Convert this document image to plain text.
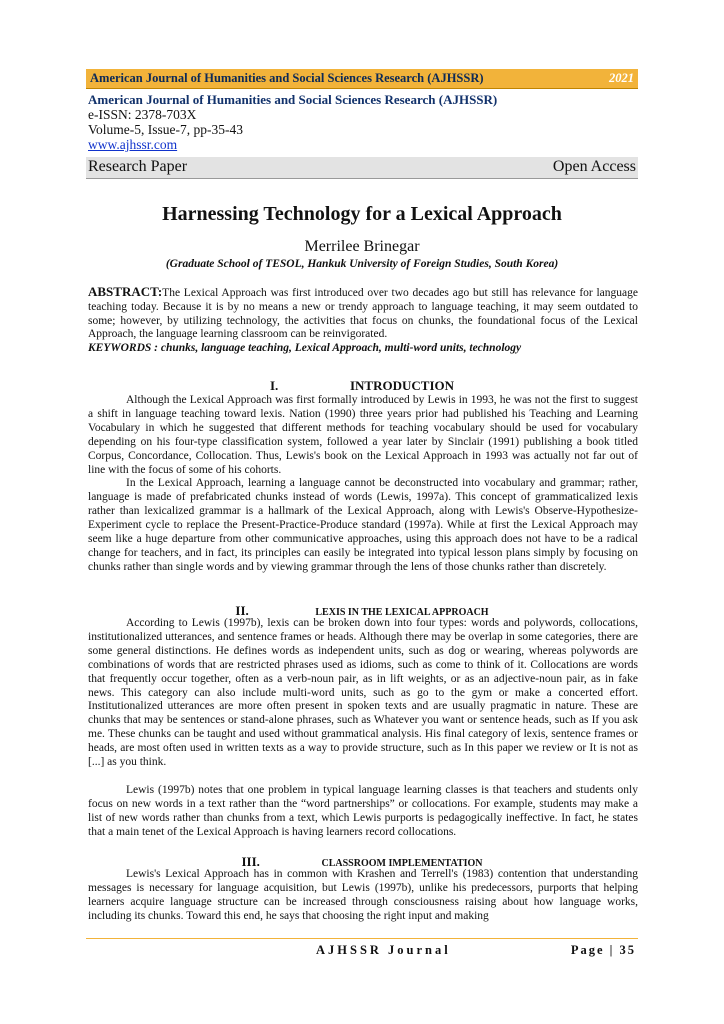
American Journal of Humanities and Social Sciences Research (AJHSSR)	2021
American Journal of Humanities and Social Sciences Research (AJHSSR)
e-ISSN: 2378-703X
Volume-5, Issue-7, pp-35-43
www.ajhssr.com
Research Paper	Open Access
Harnessing Technology for a Lexical Approach
Merrilee Brinegar
(Graduate School of TESOL, Hankuk University of Foreign Studies, South Korea)
ABSTRACT:The Lexical Approach was first introduced over two decades ago but still has relevance for language teaching today. Because it is by no means a new or trendy approach to language teaching, it may seem outdated to some; however, by utilizing technology, the activities that focus on chunks, the foundational focus of the Lexical Approach, the language learning classroom can be reinvigorated.
KEYWORDS : chunks, language teaching, Lexical Approach, multi-word units, technology
I.	INTRODUCTION

Although the Lexical Approach was first formally introduced by Lewis in 1993, he was not the first to suggest a shift in language teaching toward lexis. Nation (1990) three years prior had published his Teaching and Learning Vocabulary in which he suggested that different methods for teaching vocabulary should be used for vocabulary depending on his four-type classification system, followed a year later by Sinclair (1991) publishing a book titled Corpus, Concordance, Collocation. Thus, Lewis's book on the Lexical Approach in 1993 was actually not far out of line with the focus of some of his cohorts.

In the Lexical Approach, learning a language cannot be deconstructed into vocabulary and grammar; rather, language is made of prefabricated chunks instead of words (Lewis, 1997a). This concept of grammaticalized lexis rather than lexicalized grammar is a hallmark of the Lexical Approach, along with Lewis's Observe-Hypothesize-Experiment cycle to replace the Present-Practice-Produce standard (1997a). While at first the Lexical Approach may seem like a huge departure from other communicative approaches, using this approach does not have to be a radical change for teachers, and in fact, its principles can easily be integrated into typical lesson plans simply by focusing on chunks rather than single words and by viewing grammar through the lens of those chunks rather than discretely.

II.	LEXIS IN THE LEXICAL APPROACH

According to Lewis (1997b), lexis can be broken down into four types: words and polywords, collocations, institutionalized utterances, and sentence frames or heads. Although there may be overlap in some categories, there are some general distinctions. He defines words as independent units, such as dog or wearing, whereas polywords are combinations of words that are restricted phrases used as idioms, such as come to think of it. Collocations are words that frequently occur together, often as a verb-noun pair, as in lift weights, or as an adjective-noun pair, as in fake news. This category can also include multi-word units, such as go to the gym or make a concerted effort. Institutionalized utterances are more often present in spoken texts and are usually pragmatic in nature. These are chunks that may be sentences or stand-alone phrases, such as Whatever you want or sentence heads, such as If you ask me. These chunks can be taught and used without grammatical analysis. His final category of lexis, sentence frames or heads, are most often used in written texts as a way to provide structure, such as In this paper we review or It is not as [...] as you think.

Lewis (1997b) notes that one problem in typical language learning classes is that teachers and students only focus on new words in a text rather than the “word partnerships” or collocations. For example, students may make a list of new words rather than chunks from a text, which Lewis purports is pedagogically ineffective. In fact, he states that a main tenet of the Lexical Approach is having learners record collocations.

III.	CLASSROOM IMPLEMENTATION

Lewis's Lexical Approach has in common with Krashen and Terrell's (1983) contention that understanding messages is necessary for language acquisition, but Lewis (1997b), unlike his predecessors, purports that helping learners acquire language structure can be increased through consciousness raising about how language works, including its chunks. Toward this end, he says that choosing the right input and making

AJHSSR Journal	Page | 35
